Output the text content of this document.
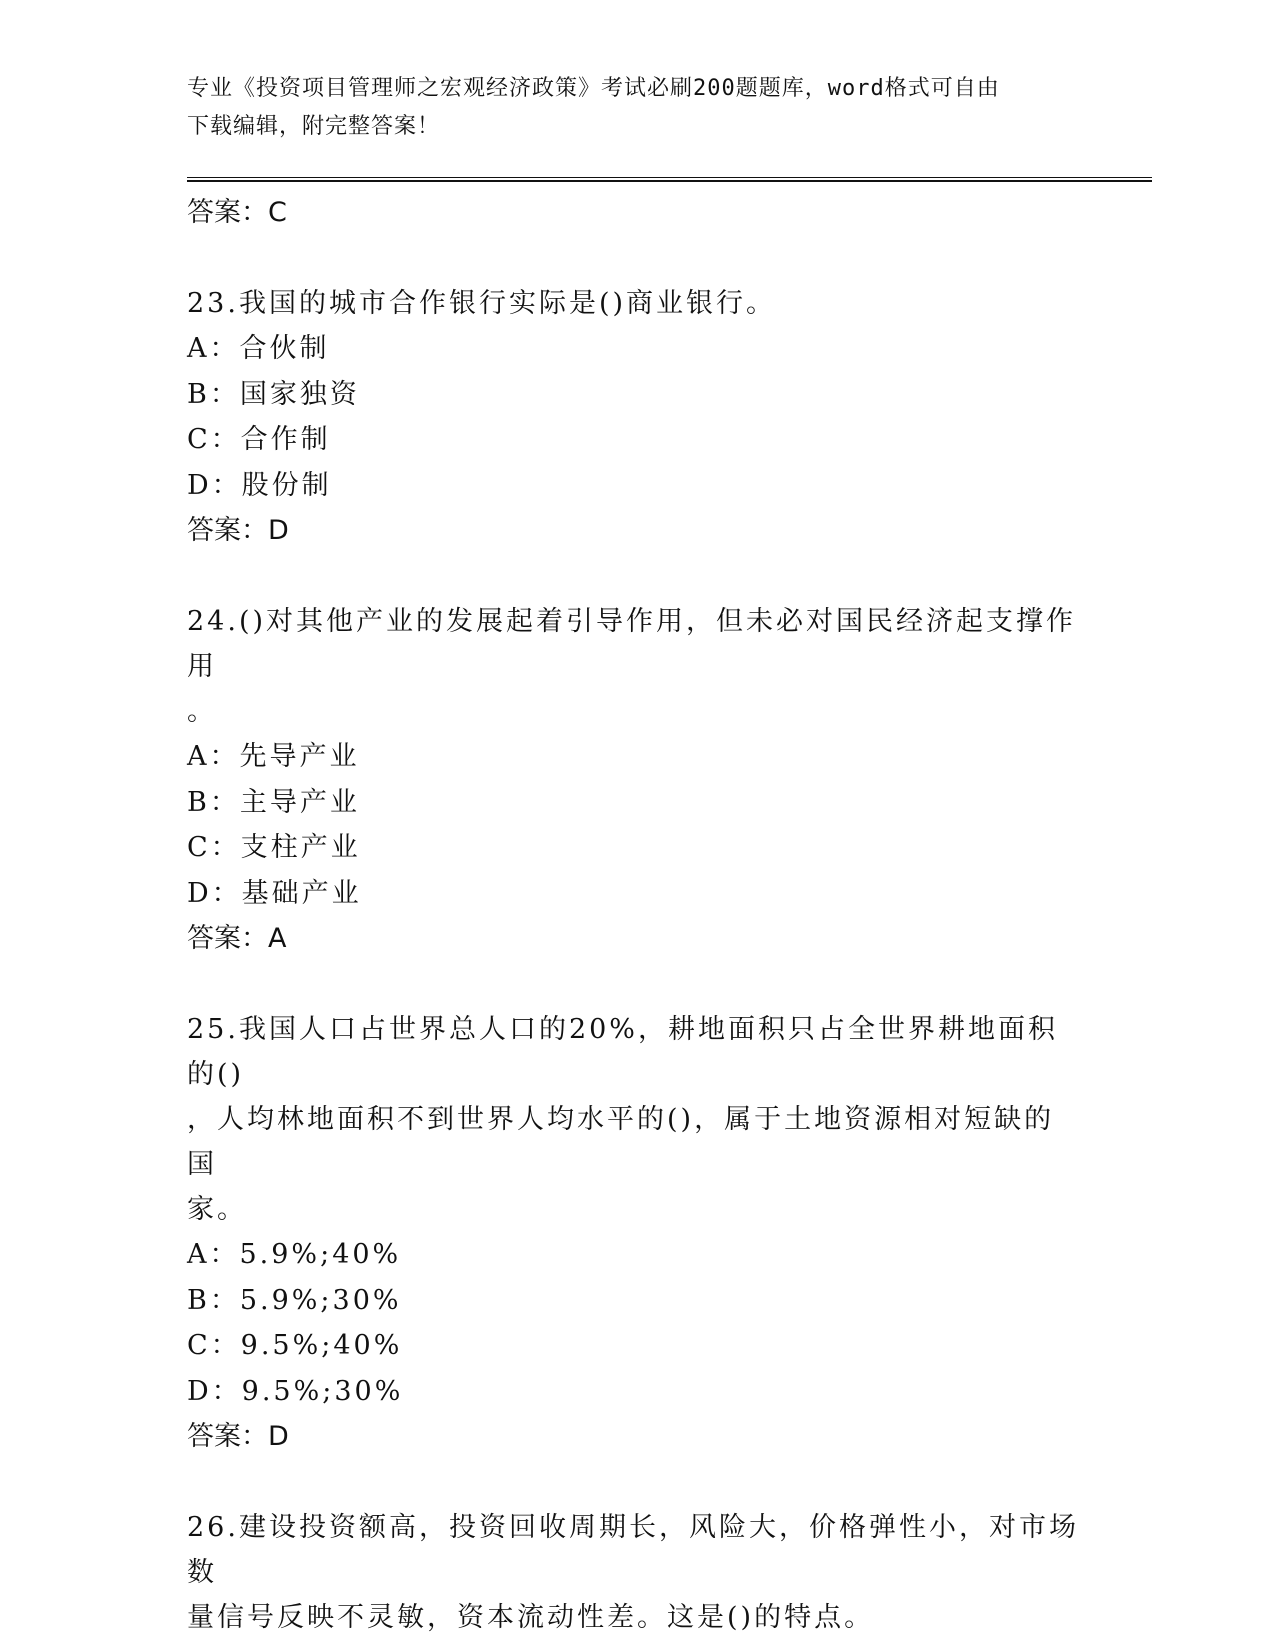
专业《投资项目管理师之宏观经济政策》考试必刷200题题库，word格式可自由
下载编辑，附完整答案！
答案：C
23.我国的城市合作银行实际是()商业银行。
A：合伙制
B：国家独资
C：合作制
D：股份制
答案：D
24.()对其他产业的发展起着引导作用，但未必对国民经济起支撑作用
。
A：先导产业
B：主导产业
C：支柱产业
D：基础产业
答案：A
25.我国人口占世界总人口的20%，耕地面积只占全世界耕地面积的()
，人均林地面积不到世界人均水平的()，属于土地资源相对短缺的国
家。
A：5.9%;40%
B：5.9%;30%
C：9.5%;40%
D：9.5%;30%
答案：D
26.建设投资额高，投资回收周期长，风险大，价格弹性小，对市场数
量信号反映不灵敏，资本流动性差。这是()的特点。
